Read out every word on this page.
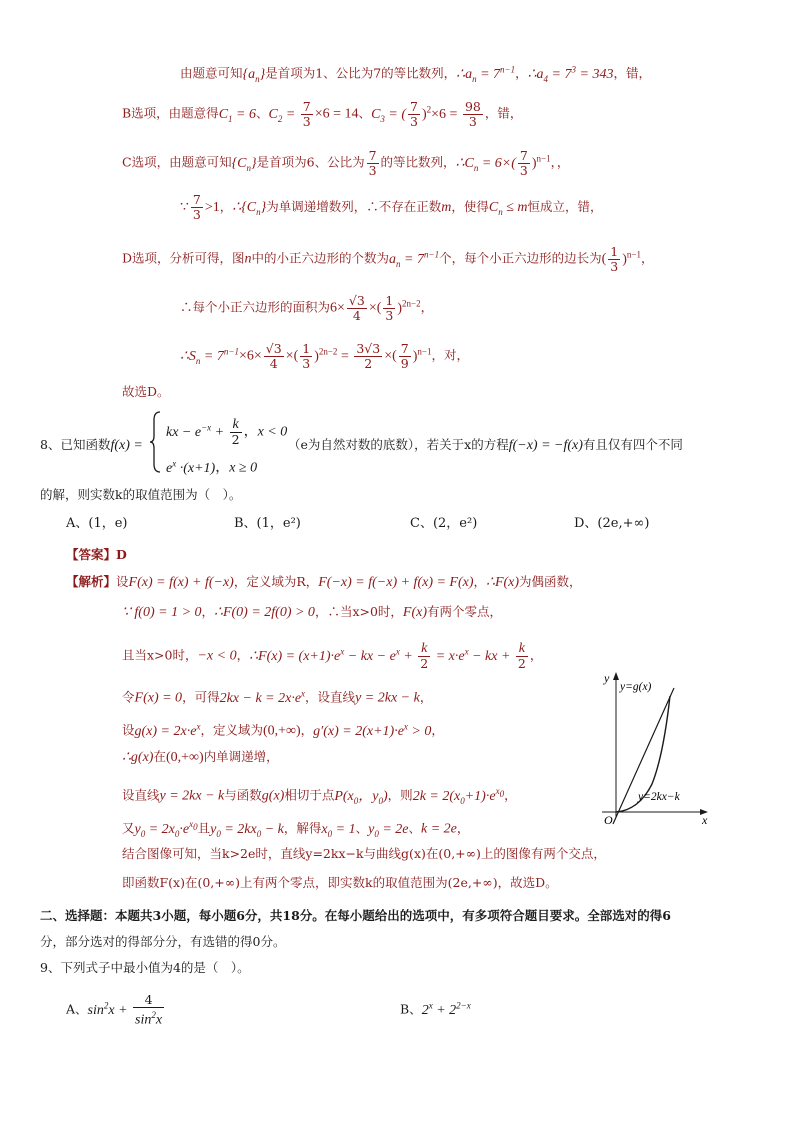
由题意可知$\{a_n\}$是首项为1、公比为7的等比数列，$\therefore a_n = 7^{n-1}$，$\therefore a_4 = 7^3 = 343$，错，
B选项，由题意得$C_1 = 6$、$C_2 = \frac{7}{3} \times 6 = 14$、$C_3$ = ( $\frac{7}{3} )^2\times 6 = \frac{98}{3}$ ，错，
C选项，由题意可知$\{C_n\}$是首项为6、公比为 $\frac{7}{3}$ 的等比数列，$\therefore C_n = 6\times( \frac{7}{3} )^{n-1}$，，
∵ $\frac{7}{3} >1$，$\therefore\{C_n\}$为单调递增数列，∴不存在正数m，使得$C_n \le m$恒成立，错，
D选项，分析可得，图n中的小正六边形的个数为$a_n = 7^{n-1}$个，每个小正六边形的边长为( $\frac{1}{3} )^{n-1}$，
∴每个小正六边形的面积为$6\times \frac{√3}{4}$ ×( $\frac{1}{3} )^{2n-2}$，
$\therefore S_n = 7^{n-1}\times 6\times \frac{√3}{4}$ ×( $\frac{1}{3} )^{2n-2} = \frac{3√3}{2}$ ×( $\frac{7}{9} )^{n-1}$，对，
故选D。
8、已知函数f(x) =
kx − $e^{-x} + \frac{k}{2}$ ，x < 0
$e^x \cdot(x+1)$，x ≥ 0
（e为自然对数的底数），若关于x的方程f(−x) = −f(x)有且仅有四个不同
的解，则实数k的取值范围为（　）。
A、(1，e)	B、(1，e²)	C、(2，e²)	D、(2e,+∞)
【答案】D
【解析】设F(x) = f(x) + f(−x)，定义域为R，F(−x) = f(−x) + f(x) = F(x)，∴F(x)为偶函数，
∵ f(0) = 1 > 0，∴F(0) = 2f(0) > 0，∴当x>0时，F(x)有两个零点，
且当x>0时，−x < 0，∴F(x) = $(x+1)\cdot e^x$ − kx − $e^x + \frac{k}{2} = x\cdot e^x$ − kx + $\frac{k}{2}$ ，
令F(x) = 0，可得$2kx - k = 2x\cdot e^x$，设直线y = 2kx − k，
设$g(x) = 2x\cdot e^x$，定义域为(0,+∞)，$g'(x) = 2(x+1)\cdot e^x > 0$，
∴g(x)在(0,+∞)内单调递增，
设直线y = 2kx − k与函数g(x)相切于点$P(x_0$，$y_0$)，则$2k = 2(x_0+1)\cdot e^{x_0}$，
又$y_0 = 2x_0\cdot e^{x_0}$且$y_0 = 2kx_0 - k$，解得$x_0 = 1$、$y_0 = 2e$、k = 2e，
结合图像可知，当k>2e时，直线y=2kx−k与曲线g(x)在(0,+∞)上的图像有两个交点，
即函数F(x)在(0,+∞)上有两个零点，即实数k的取值范围为(2e,+∞)，故选D。
y
y=g(x)
y=2kx−k
O	x
二、选择题：本题共3小题，每小题6分，共18分。在每小题给出的选项中，有多项符合题目要求。全部选对的得6
分，部分选对的得部分分，有选错的得0分。
9、下列式子中最小值为4的是（　）。
A、$\sin^2x + \frac{4}{\sin^2x}$	B、$2^x + 2^{2-x}$
